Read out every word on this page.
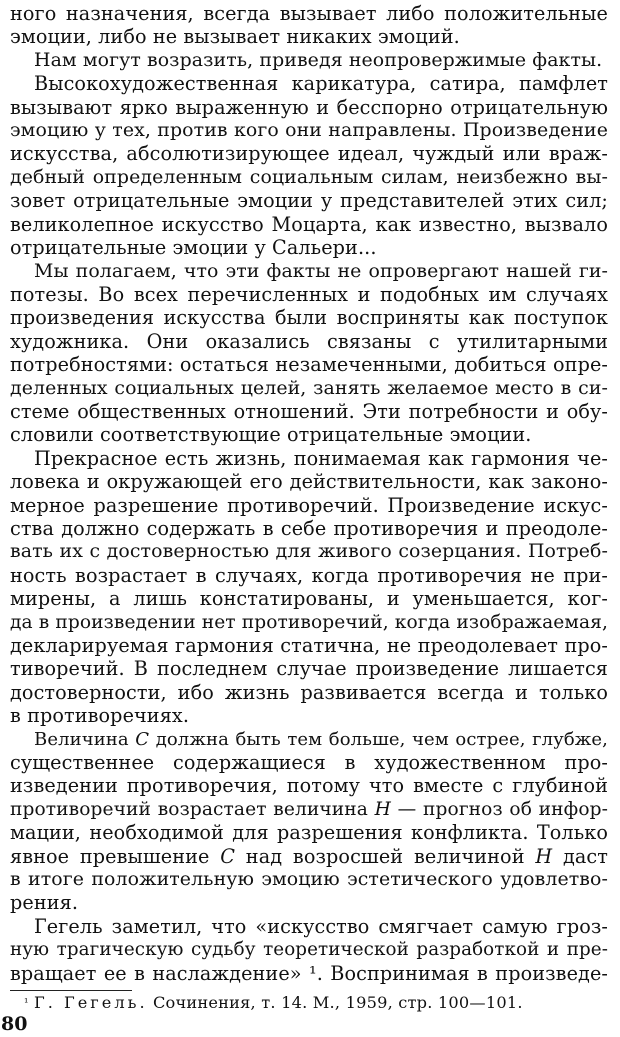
ного назначения, всегда вызывает либо положительные
эмоции, либо не вызывает никаких эмоций.
Нам могут возразить, приведя неопровержимые факты.
Высокохудожественная карикатура, сатира, памфлет
вызывают ярко выраженную и бесспорно отрицательную
эмоцию у тех, против кого они направлены. Произведение
искусства, абсолютизирующее идеал, чуждый или враж-
дебный определенным социальным силам, неизбежно вы-
зовет отрицательные эмоции у представителей этих сил;
великолепное искусство Моцарта, как известно, вызвало
отрицательные эмоции у Сальери...
Мы полагаем, что эти факты не опровергают нашей ги-
потезы. Во всех перечисленных и подобных им случаях
произведения искусства были восприняты как поступок
художника. Они оказались связаны с утилитарными
потребностями: остаться незамеченными, добиться опре-
деленных социальных целей, занять желаемое место в си-
стеме общественных отношений. Эти потребности и обу-
словили соответствующие отрицательные эмоции.
Прекрасное есть жизнь, понимаемая как гармония че-
ловека и окружающей его действительности, как законо-
мерное разрешение противоречий. Произведение искус-
ства должно содержать в себе противоречия и преодоле-
вать их с достоверностью для живого созерцания. Потреб-
ность возрастает в случаях, когда противоречия не при-
мирены, а лишь констатированы, и уменьшается, ког-
да в произведении нет противоречий, когда изображаемая,
декларируемая гармония статична, не преодолевает про-
тиворечий. В последнем случае произведение лишается
достоверности, ибо жизнь развивается всегда и только
в противоречиях.
Величина C должна быть тем больше, чем острее, глубже,
существеннее содержащиеся в художественном про-
изведении противоречия, потому что вместе с глубиной
противоречий возрастает величина H — прогноз об инфор-
мации, необходимой для разрешения конфликта. Только
явное превышение C над возросшей величиной H даст
в итоге положительную эмоцию эстетического удовлетво-
рения.
Гегель заметил, что «искусство смягчает самую гроз-
ную трагическую судьбу теоретической разработкой и пре-
вращает ее в наслаждение» ¹. Воспринимая в произведе-
$^{^1}$ Г. Гегель. Сочинения, т. 14. М., 1959, стр. 100—101.
80
